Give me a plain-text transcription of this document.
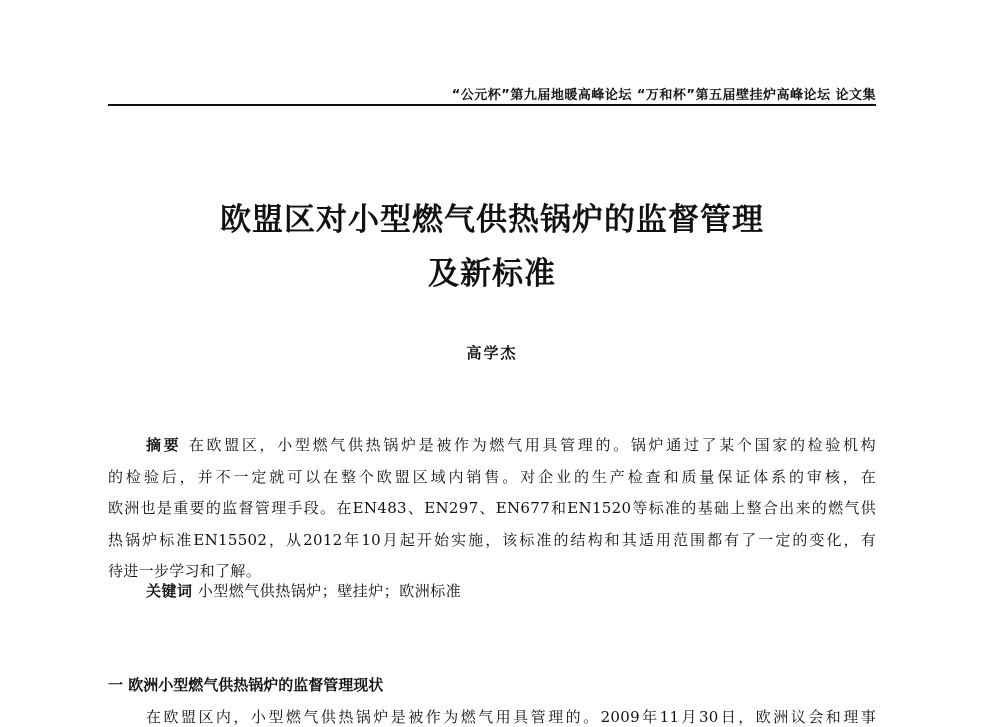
“公元杯”第九届地暖高峰论坛 “万和杯”第五届壁挂炉高峰论坛 论文集
欧盟区对小型燃气供热锅炉的监督管理
及新标准
高学杰
摘要 在欧盟区，小型燃气供热锅炉是被作为燃气用具管理的。锅炉通过了某个国家的检验机构
的检验后，并不一定就可以在整个欧盟区域内销售。对企业的生产检查和质量保证体系的审核，在
欧洲也是重要的监督管理手段。在EN483、EN297、EN677和EN1520等标准的基础上整合出来的燃气供
热锅炉标准EN15502，从2012年10月起开始实施，该标准的结构和其适用范围都有了一定的变化，有
待进一步学习和了解。
关键词 小型燃气供热锅炉；壁挂炉；欧洲标准
一 欧洲小型燃气供热锅炉的监督管理现状
在欧盟区内，小型燃气供热锅炉是被作为燃气用具管理的。2009年11月30日，欧洲议会和理事
